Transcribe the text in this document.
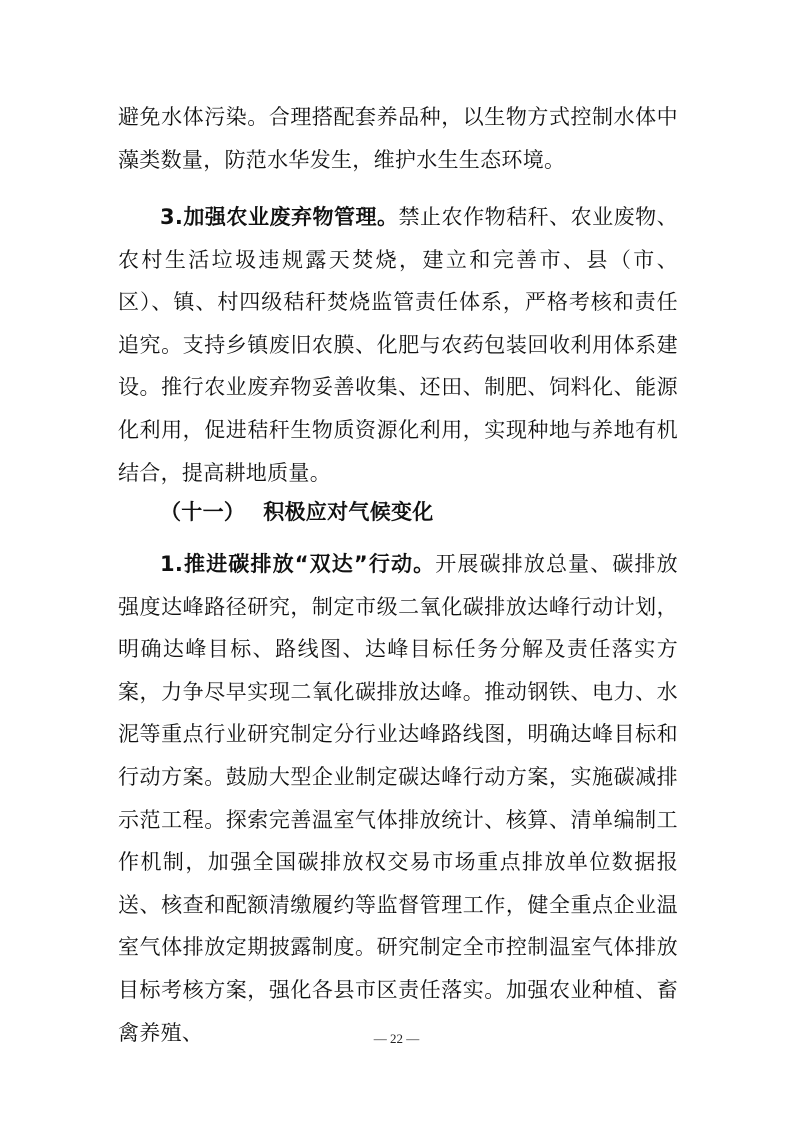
避免水体污染。合理搭配套养品种，以生物方式控制水体中藻类数量，防范水华发生，维护水生生态环境。

3.加强农业废弃物管理。禁止农作物秸秆、农业废物、农村生活垃圾违规露天焚烧，建立和完善市、县（市、区）、镇、村四级秸秆焚烧监管责任体系，严格考核和责任追究。支持乡镇废旧农膜、化肥与农药包装回收利用体系建设。推行农业废弃物妥善收集、还田、制肥、饲料化、能源化利用，促进秸秆生物质资源化利用，实现种地与养地有机结合，提高耕地质量。

（十一） 积极应对气候变化

1.推进碳排放“双达”行动。开展碳排放总量、碳排放强度达峰路径研究，制定市级二氧化碳排放达峰行动计划，明确达峰目标、路线图、达峰目标任务分解及责任落实方案，力争尽早实现二氧化碳排放达峰。推动钢铁、电力、水泥等重点行业研究制定分行业达峰路线图，明确达峰目标和行动方案。鼓励大型企业制定碳达峰行动方案，实施碳减排示范工程。探索完善温室气体排放统计、核算、清单编制工作机制，加强全国碳排放权交易市场重点排放单位数据报送、核查和配额清缴履约等监督管理工作，健全重点企业温室气体排放定期披露制度。研究制定全市控制温室气体排放目标考核方案，强化各县市区责任落实。加强农业种植、畜禽养殖、	— 22 —
